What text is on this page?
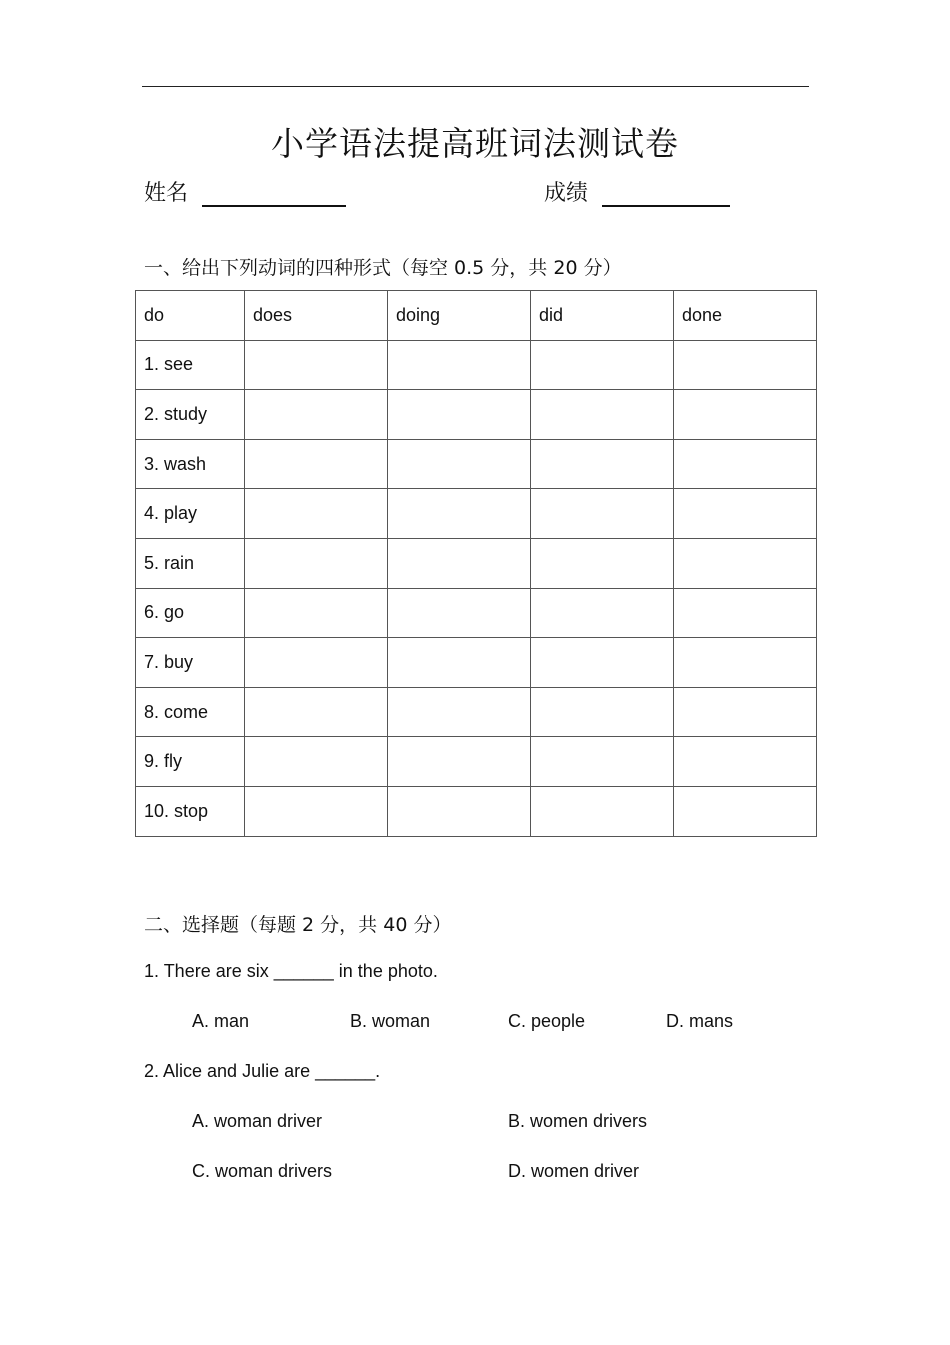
小学语法提高班词法测试卷
姓名	成绩
一、给出下列动词的四种形式（每空 0.5 分，共 20 分）
do	does	doing	did	done
1. see				
2. study				
3. wash				
4. play				
5. rain				
6. go				
7. buy				
8. come				
9. fly				
10. stop				
二、选择题（每题 2 分，共 40 分）
1. There are six ______ in the photo.
A. man	B. woman	C. people	D. mans
2. Alice and Julie are ______.
A. woman driver	B. women drivers
C. woman drivers	D. women driver
